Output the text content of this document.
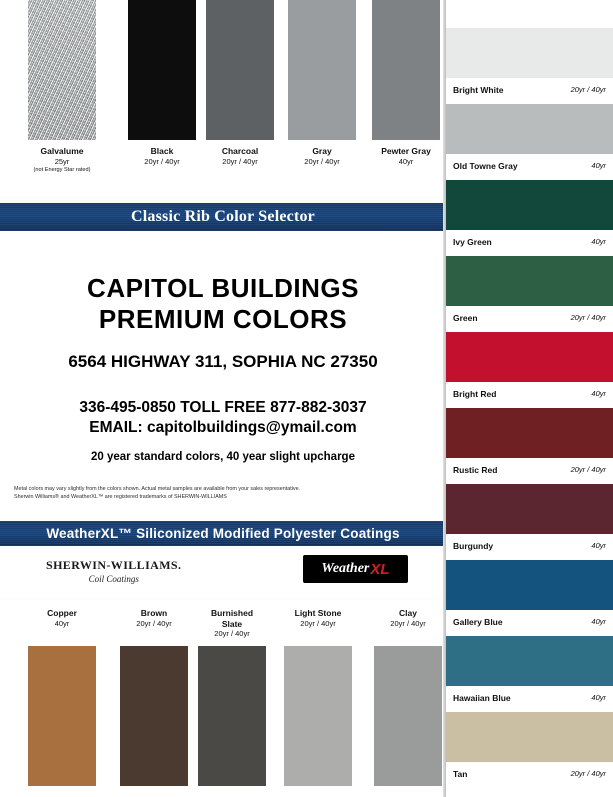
Galvalume
25yr
(not Energy Star rated)
Black
20yr / 40yr
Charcoal
20yr / 40yr
Gray
20yr / 40yr
Pewter Gray
40yr
Classic Rib Color Selector
CAPITOL BUILDINGS
PREMIUM COLORS
6564 HIGHWAY 311, SOPHIA NC 27350
336-495-0850 TOLL FREE 877-882-3037
EMAIL: capitolbuildings@ymail.com
20 year standard colors, 40 year slight upcharge
Metal colors may vary slightly from the colors shown. Actual metal samples are available from your sales representative.
Sherwin Williams® and WeatherXL™ are registered trademarks of SHERWIN-WILLIAMS
WeatherXL™ Siliconized Modified Polyester Coatings
SHERWIN-WILLIAMS.
Coil Coatings
Weather XL
Copper
40yr
Brown
20yr / 40yr
Burnished
Slate
20yr / 40yr
Light Stone
20yr / 40yr
Clay
20yr / 40yr
Bright White	20yr / 40yr
Old Towne Gray	40yr
Ivy Green	40yr
Green	20yr / 40yr
Bright Red	40yr
Rustic Red	20yr / 40yr
Burgundy	40yr
Gallery Blue	40yr
Hawaiian Blue	40yr
Tan	20yr / 40yr
